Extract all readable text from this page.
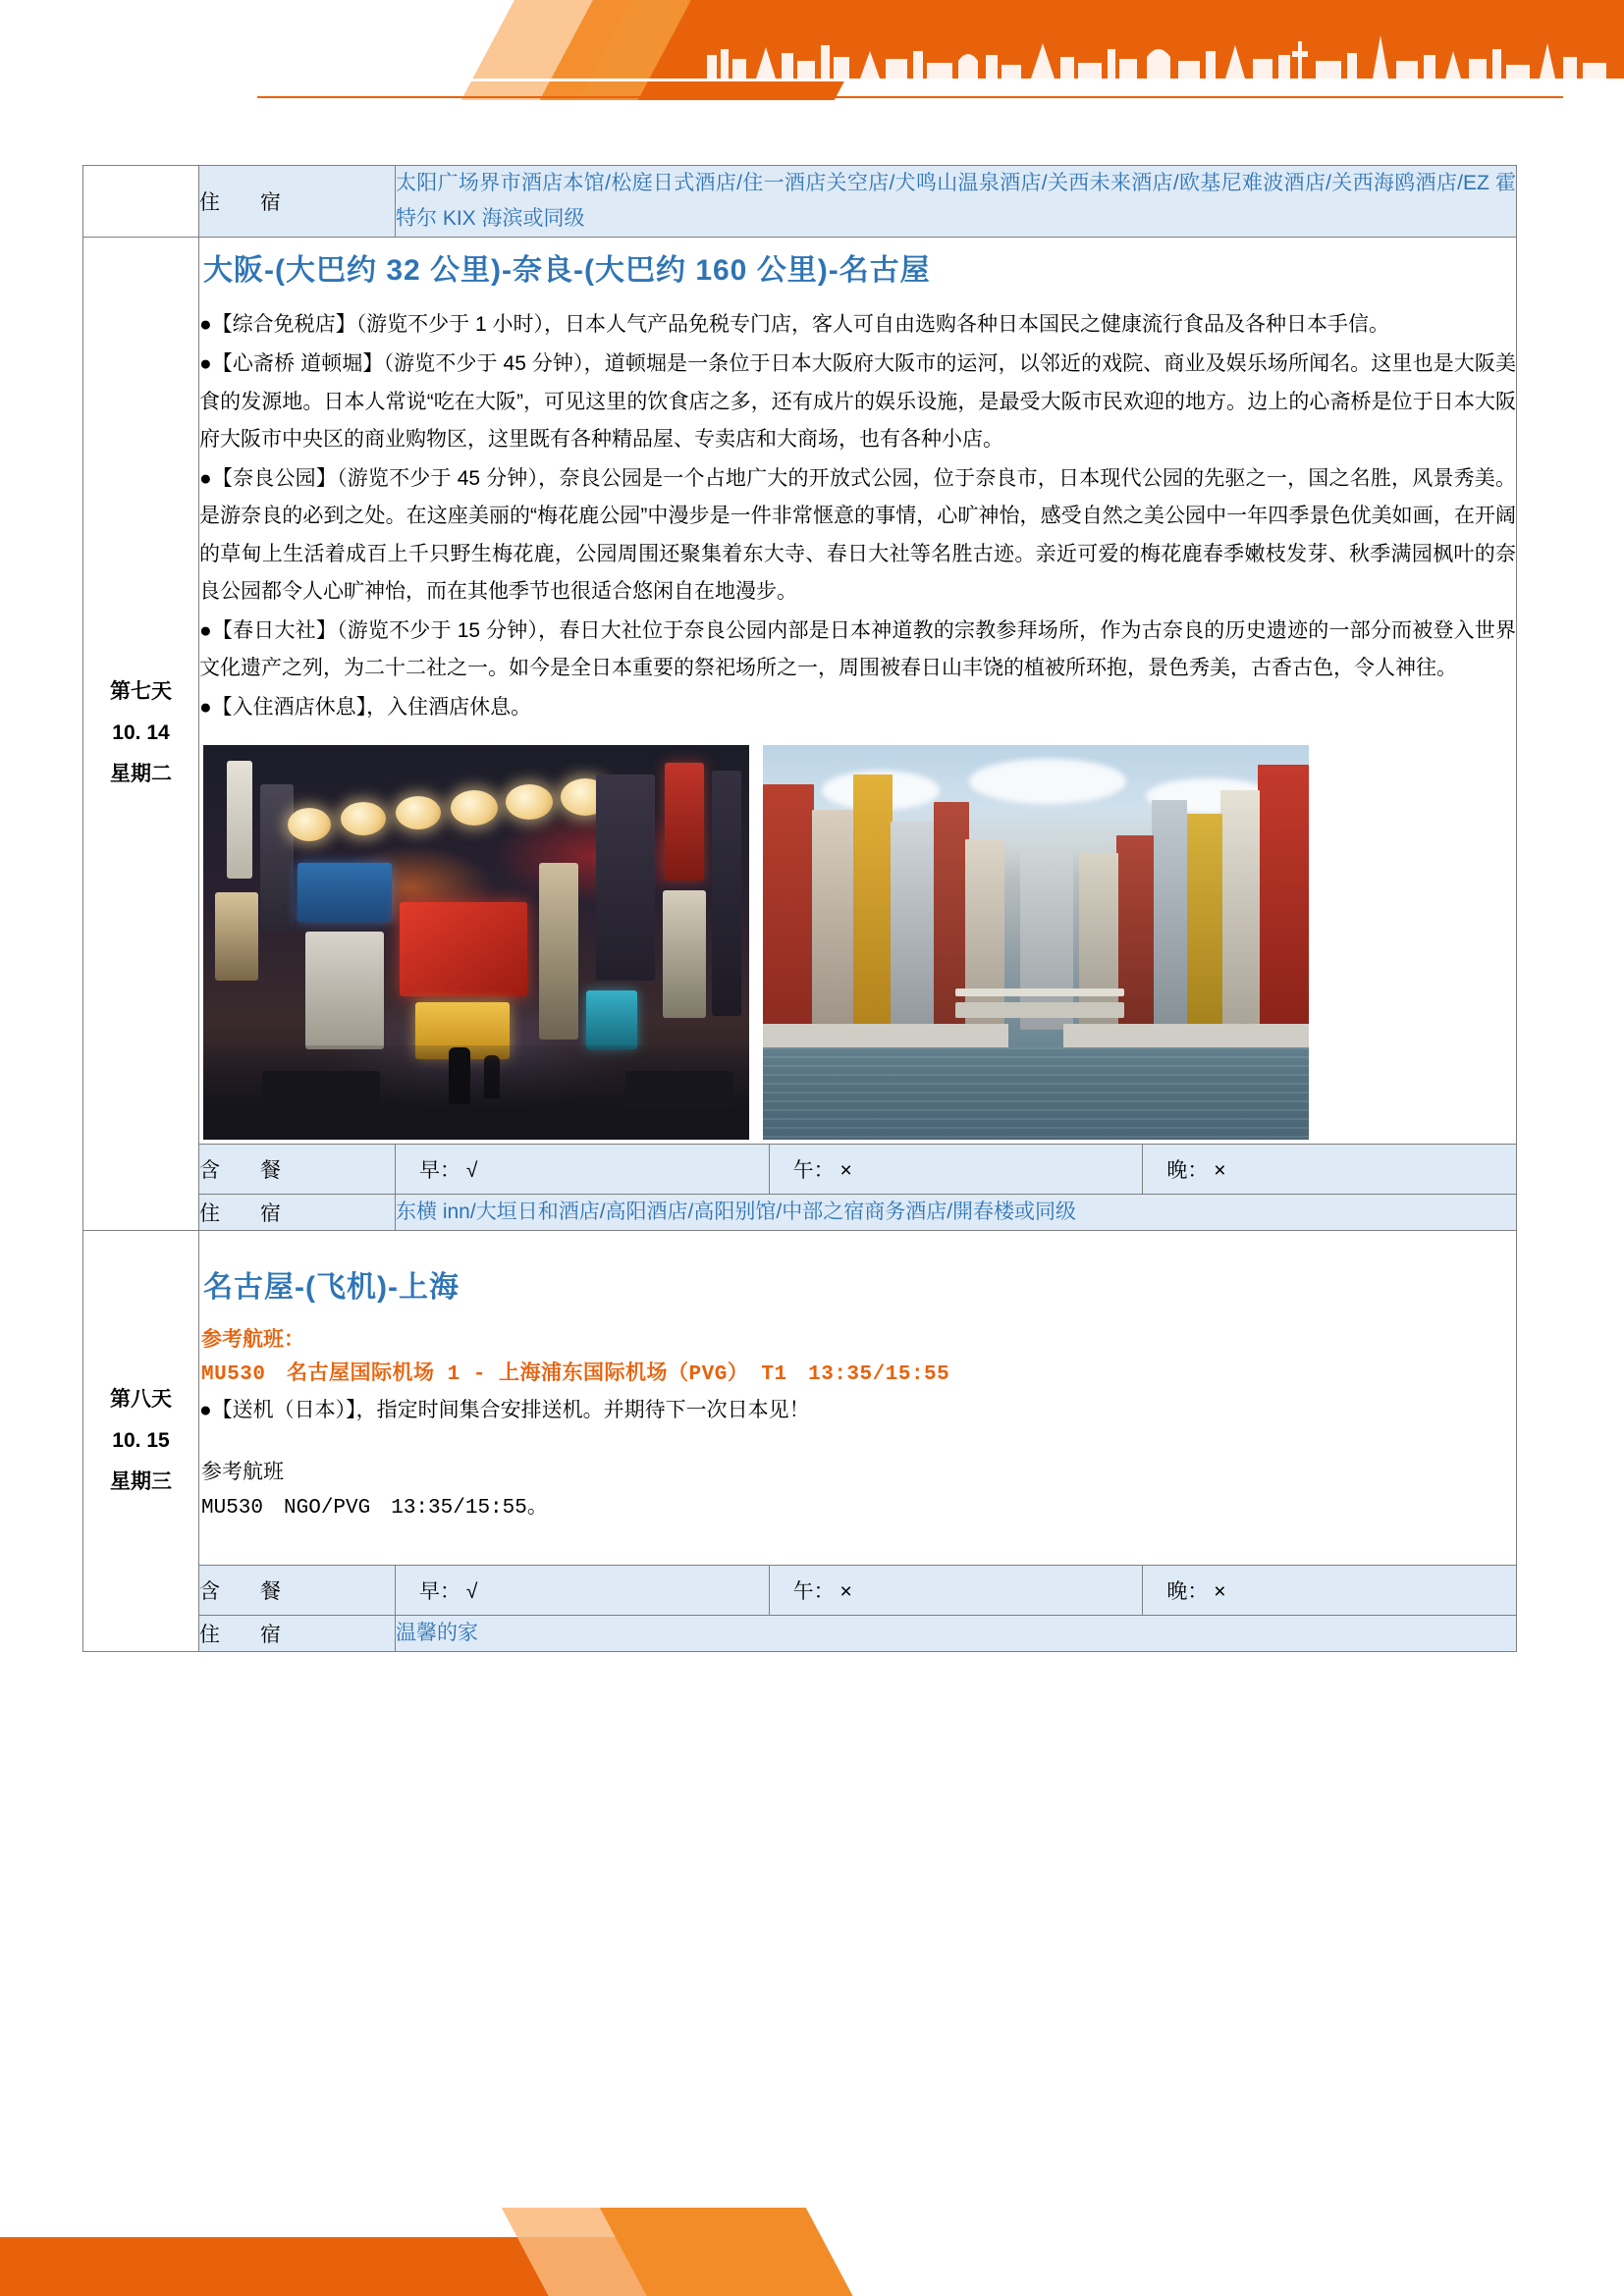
	住　宿	太阳广场界市酒店本馆/松庭日式酒店/住一酒店关空店/犬鸣山温泉酒店/关西未来酒店/欧基尼难波酒店/关西海鸥酒店/EZ 霍特尔 KIX 海滨或同级

第七天
10. 14
星期二

大阪-(大巴约 32 公里)-奈良-(大巴约 160 公里)-名古屋

●【综合免税店】（游览不少于 1 小时），日本人气产品免税专门店，客人可自由选购各种日本国民之健康流行食品及各种日本手信。

●【心斋桥 道顿堀】（游览不少于 45 分钟），道顿堀是一条位于日本大阪府大阪市的运河，以邻近的戏院、商业及娱乐场所闻名。这里也是大阪美食的发源地。日本人常说“吃在大阪”，可见这里的饮食店之多，还有成片的娱乐设施，是最受大阪市民欢迎的地方。边上的心斋桥是位于日本大阪府大阪市中央区的商业购物区，这里既有各种精品屋、专卖店和大商场，也有各种小店。

●【奈良公园】（游览不少于 45 分钟），奈良公园是一个占地广大的开放式公园，位于奈良市，日本现代公园的先驱之一，国之名胜，风景秀美。是游奈良的必到之处。在这座美丽的“梅花鹿公园”中漫步是一件非常惬意的事情，心旷神怡，感受自然之美公园中一年四季景色优美如画，在开阔的草甸上生活着成百上千只野生梅花鹿，公园周围还聚集着东大寺、春日大社等名胜古迹。亲近可爱的梅花鹿春季嫩枝发芽、秋季满园枫叶的奈良公园都令人心旷神怡，而在其他季节也很适合悠闲自在地漫步。

●【春日大社】（游览不少于 15 分钟），春日大社位于奈良公园内部是日本神道教的宗教参拜场所，作为古奈良的历史遗迹的一部分而被登入世界文化遗产之列，为二十二社之一。如今是全日本重要的祭祀场所之一，周围被春日山丰饶的植被所环抱，景色秀美，古香古色，令人神往。

●【入住酒店休息】，入住酒店休息。

	含　餐	早： √ 午： × 晚： ×

	住　宿	东横 inn/大垣日和酒店/高阳酒店/高阳别馆/中部之宿商务酒店/開春楼或同级

第八天
10. 15
星期三

名古屋-(飞机)-上海
参考航班：
MU530　名古屋国际机场 1 - 上海浦东国际机场（PVG） T1　13:35/15:55

●【送机（日本）】，指定时间集合安排送机。并期待下一次日本见！

参考航班
MU530　NGO/PVG　13:35/15:55。

	含　餐	早： √ 午： × 晚： ×

	住　宿	温馨的家
